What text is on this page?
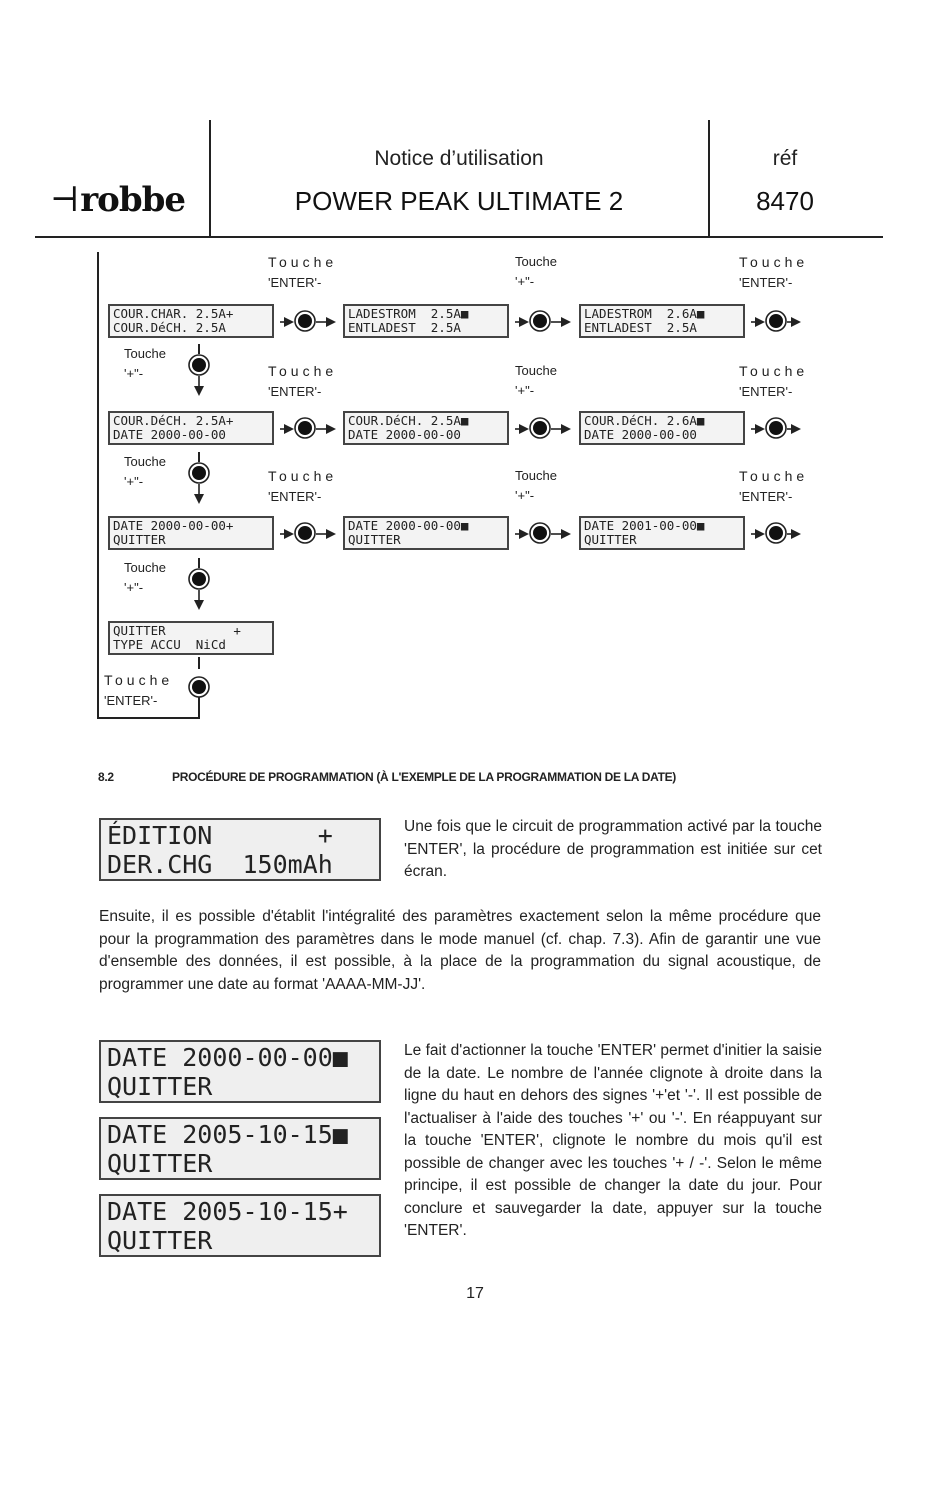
⊣robbe
Notice d’utilisation
POWER PEAK ULTIMATE 2
réf
8470
COUR.CHAR. 2.5A+
COUR.DéCH. 2.5A
LADESTROM  2.5A■
ENTLADEST  2.5A
LADESTROM  2.6A■
ENTLADEST  2.5A
Touche
'ENTER'-
Touche
'+"-
Touche
'ENTER'-
COUR.DéCH. 2.5A+
DATE 2000-00-00
COUR.DéCH. 2.5A■
DATE 2000-00-00
COUR.DéCH. 2.6A■
DATE 2000-00-00
Touche
'ENTER'-
Touche
'+"-
Touche
'ENTER'-
DATE 2000-00-00+
QUITTER
DATE 2000-00-00■
QUITTER
DATE 2001-00-00■
QUITTER
Touche
'ENTER'-
Touche
'+"-
Touche
'ENTER'-
QUITTER         +
TYPE ACCU  NiCd
Touche
'+"-
Touche
'+"-
Touche
'+"-
Touche
'ENTER'-
8.2	PROCÉDURE DE PROGRAMMATION (À L'EXEMPLE DE LA PROGRAMMATION DE LA DATE)
ÉDITION       +
DER.CHG  150mAh
Une fois que le circuit de programmation activé par la touche 'ENTER', la procédure de programmation est initiée sur cet écran.
Ensuite, il es possible d'établit l'intégralité des paramètres exactement selon la même procédure que pour la programmation des paramètres dans le mode manuel (cf. chap. 7.3). Afin de garantir une vue d'ensemble des données, il est possible, à la place de la programmation du signal acoustique, de programmer une date au format 'AAAA-MM-JJ'.
DATE 2000-00-00■
QUITTER
DATE 2005-10-15■
QUITTER
DATE 2005-10-15+
QUITTER
Le fait d'actionner la touche 'ENTER' permet d'initier la saisie de la date. Le nombre de l'année clignote à droite dans la ligne du haut en dehors des signes '+'et '-'. Il est possible de l'actualiser à l'aide des touches '+' ou '-'. En réappuyant sur la touche 'ENTER', clignote le nombre du mois qu'il est possible de changer avec les touches '+ / -'. Selon le même principe, il est possible de changer la date du jour. Pour conclure et sauvegarder la date, appuyer sur la touche 'ENTER'.
17
